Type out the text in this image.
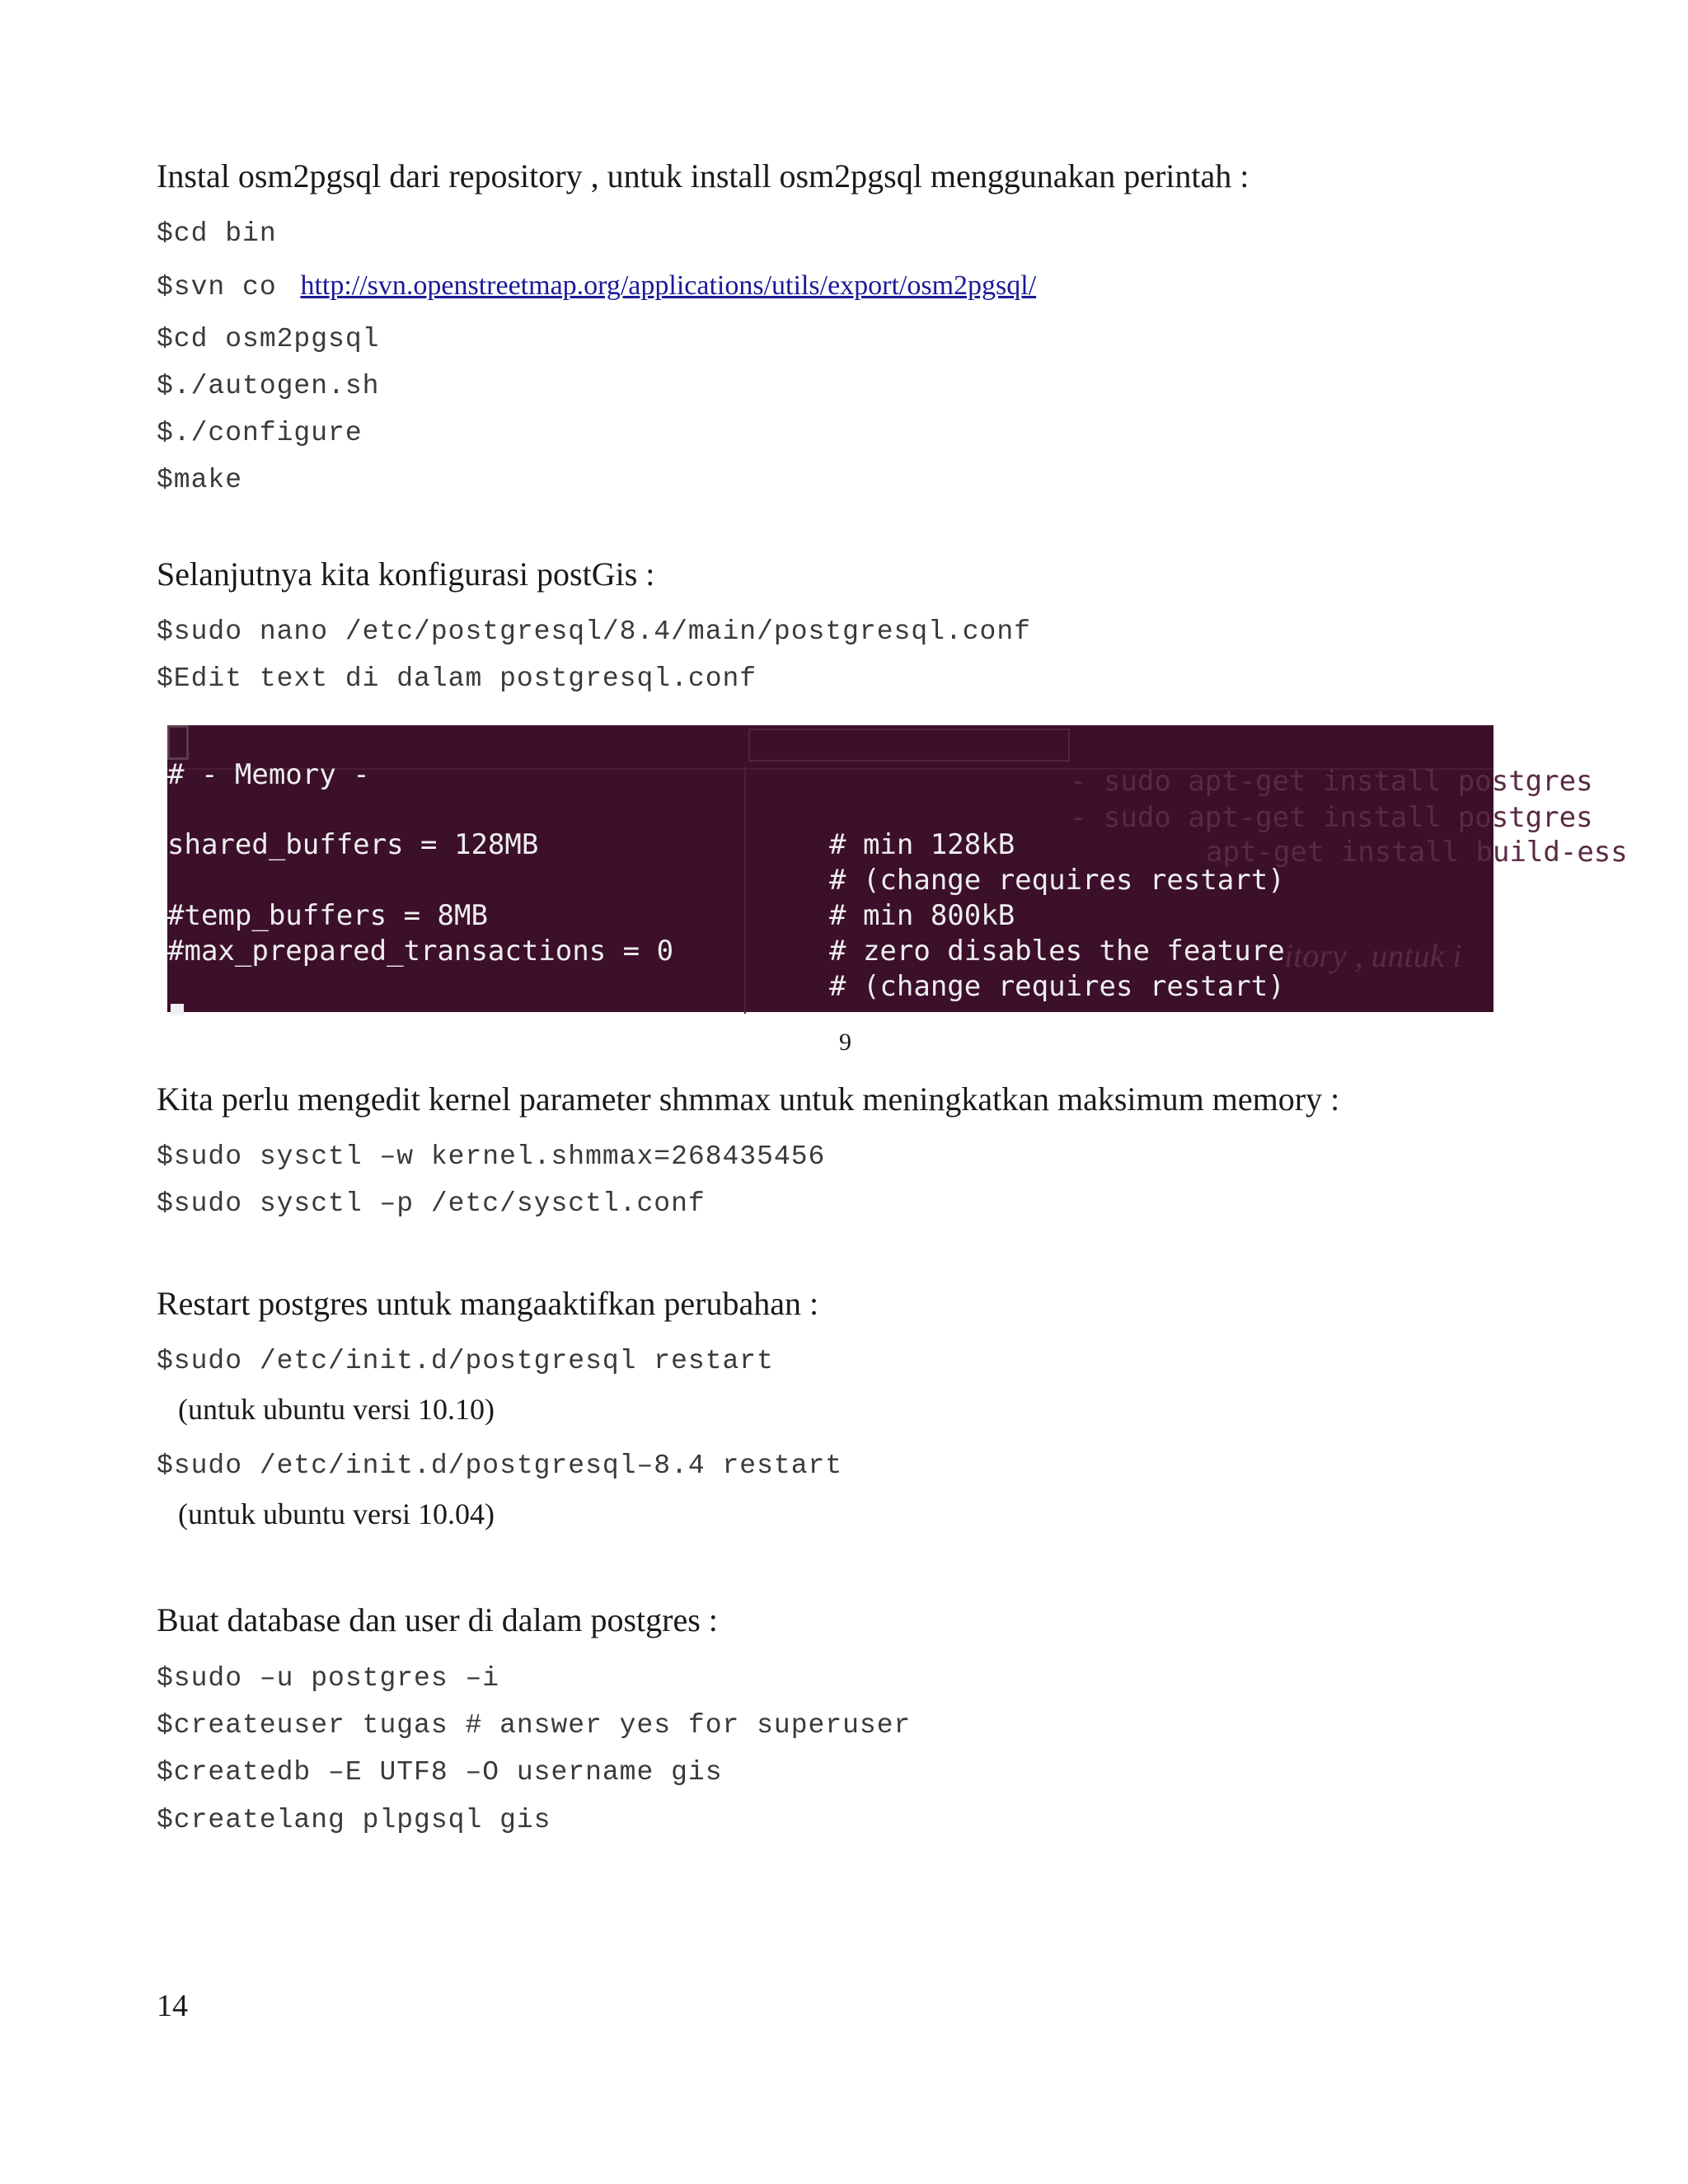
Instal osm2pgsql dari repository , untuk install osm2pgsql menggunakan perintah :
$cd bin
$svn co http://svn.openstreetmap.org/applications/utils/export/osm2pgsql/
$cd osm2pgsql
$./autogen.sh
$./configure
$make
Selanjutnya kita konfigurasi postGis :
$sudo nano /etc/postgresql/8.4/main/postgresql.conf
$Edit text di dalam postgresql.conf
- sudo apt-get install postgres
- sudo apt-get install postgres
apt-get install build-ess
itory , untuk i
# - Memory -
shared_buffers = 128MB	# min 128kB
# (change requires restart)
#temp_buffers = 8MB	# min 800kB
#max_prepared_transactions = 0	# zero disables the feature
# (change requires restart)
9
Kita perlu mengedit kernel parameter shmmax untuk meningkatkan maksimum memory :
$sudo sysctl –w kernel.shmmax=268435456
$sudo sysctl –p /etc/sysctl.conf
Restart postgres untuk mangaaktifkan perubahan :
$sudo /etc/init.d/postgresql restart
(untuk ubuntu versi 10.10)
$sudo /etc/init.d/postgresql–8.4 restart
(untuk ubuntu versi 10.04)
Buat database dan user di dalam postgres :
$sudo –u postgres –i
$createuser tugas # answer yes for superuser
$createdb –E UTF8 –O username gis
$createlang plpgsql gis
14
